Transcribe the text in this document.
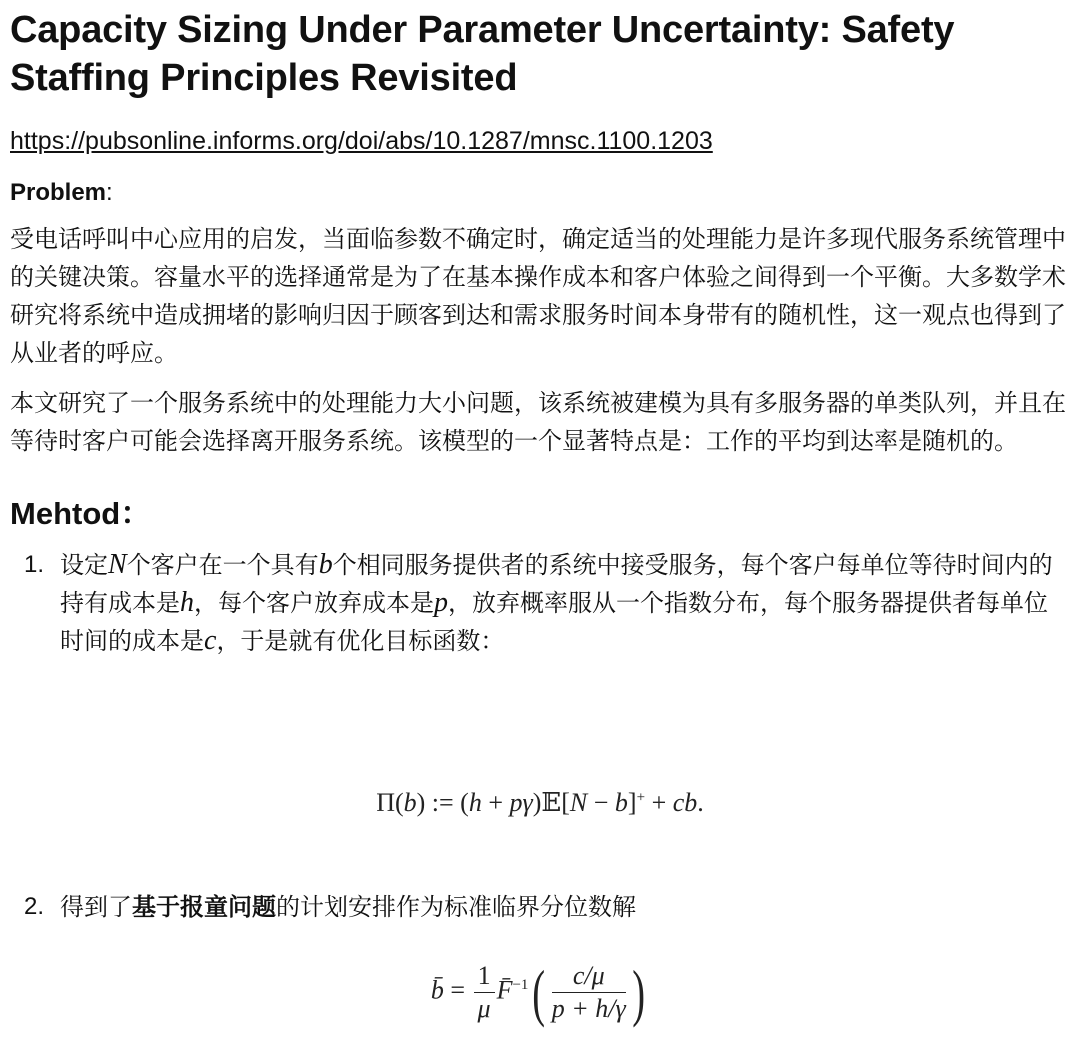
Capacity Sizing Under Parameter Uncertainty: Safety Staffing Principles Revisited
https://pubsonline.informs.org/doi/abs/10.1287/mnsc.1100.1203
Problem:

受电话呼叫中心应用的启发，当面临参数不确定时，确定适当的处理能力是许多现代服务系统管理中的关键决策。容量水平的选择通常是为了在基本操作成本和客户体验之间得到一个平衡。大多数学术研究将系统中造成拥堵的影响归因于顾客到达和需求服务时间本身带有的随机性，这一观点也得到了从业者的呼应。

本文研究了一个服务系统中的处理能力大小问题，该系统被建模为具有多服务器的单类队列，并且在等待时客户可能会选择离开服务系统。该模型的一个显著特点是：工作的平均到达率是随机的。

Mehtod：
1. 设定N个客户在一个具有b个相同服务提供者的系统中接受服务，每个客户每单位等待时间内的持有成本是h，每个客户放弃成本是p，放弃概率服从一个指数分布，每个服务器提供者每单位时间的成本是c，于是就有优化目标函数：
Π(b) := (h + pγ)𝔼[N − b]+ + cb.
2. 得到了基于报童问题的计划安排作为标准临界分位数解
b̄ = $\frac{1}{\mu}$ F̄$^{-1}$( $\frac{c/\mu}{p + h/\gamma}$ )
